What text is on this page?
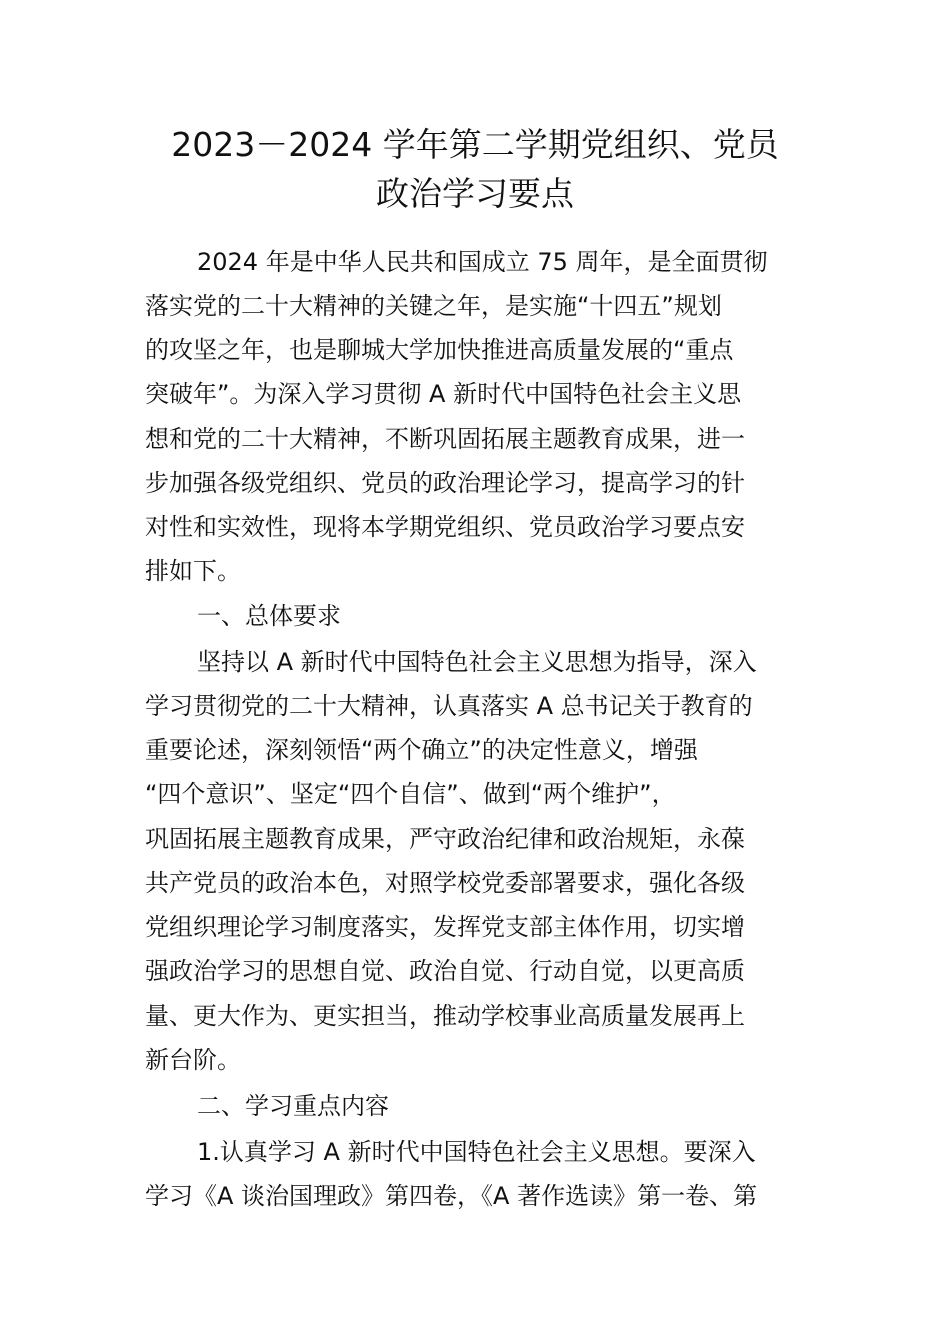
2023－2024 学年第二学期党组织、党员
政治学习要点
2024 年是中华人民共和国成立 75 周年，是全面贯彻
落实党的二十大精神的关键之年，是实施“十四五”规划
的攻坚之年，也是聊城大学加快推进高质量发展的“重点
突破年”。为深入学习贯彻 A 新时代中国特色社会主义思
想和党的二十大精神，不断巩固拓展主题教育成果，进一
步加强各级党组织、党员的政治理论学习，提高学习的针
对性和实效性，现将本学期党组织、党员政治学习要点安
排如下。
一、总体要求
坚持以 A 新时代中国特色社会主义思想为指导，深入
学习贯彻党的二十大精神，认真落实 A 总书记关于教育的
重要论述，深刻领悟“两个确立”的决定性意义，增强
“四个意识”、坚定“四个自信”、做到“两个维护”，
巩固拓展主题教育成果，严守政治纪律和政治规矩，永葆
共产党员的政治本色，对照学校党委部署要求，强化各级
党组织理论学习制度落实，发挥党支部主体作用，切实增
强政治学习的思想自觉、政治自觉、行动自觉，以更高质
量、更大作为、更实担当，推动学校事业高质量发展再上
新台阶。
二、学习重点内容
1.认真学习 A 新时代中国特色社会主义思想。要深入
学习《A 谈治国理政》第四卷，《A 著作选读》第一卷、第
